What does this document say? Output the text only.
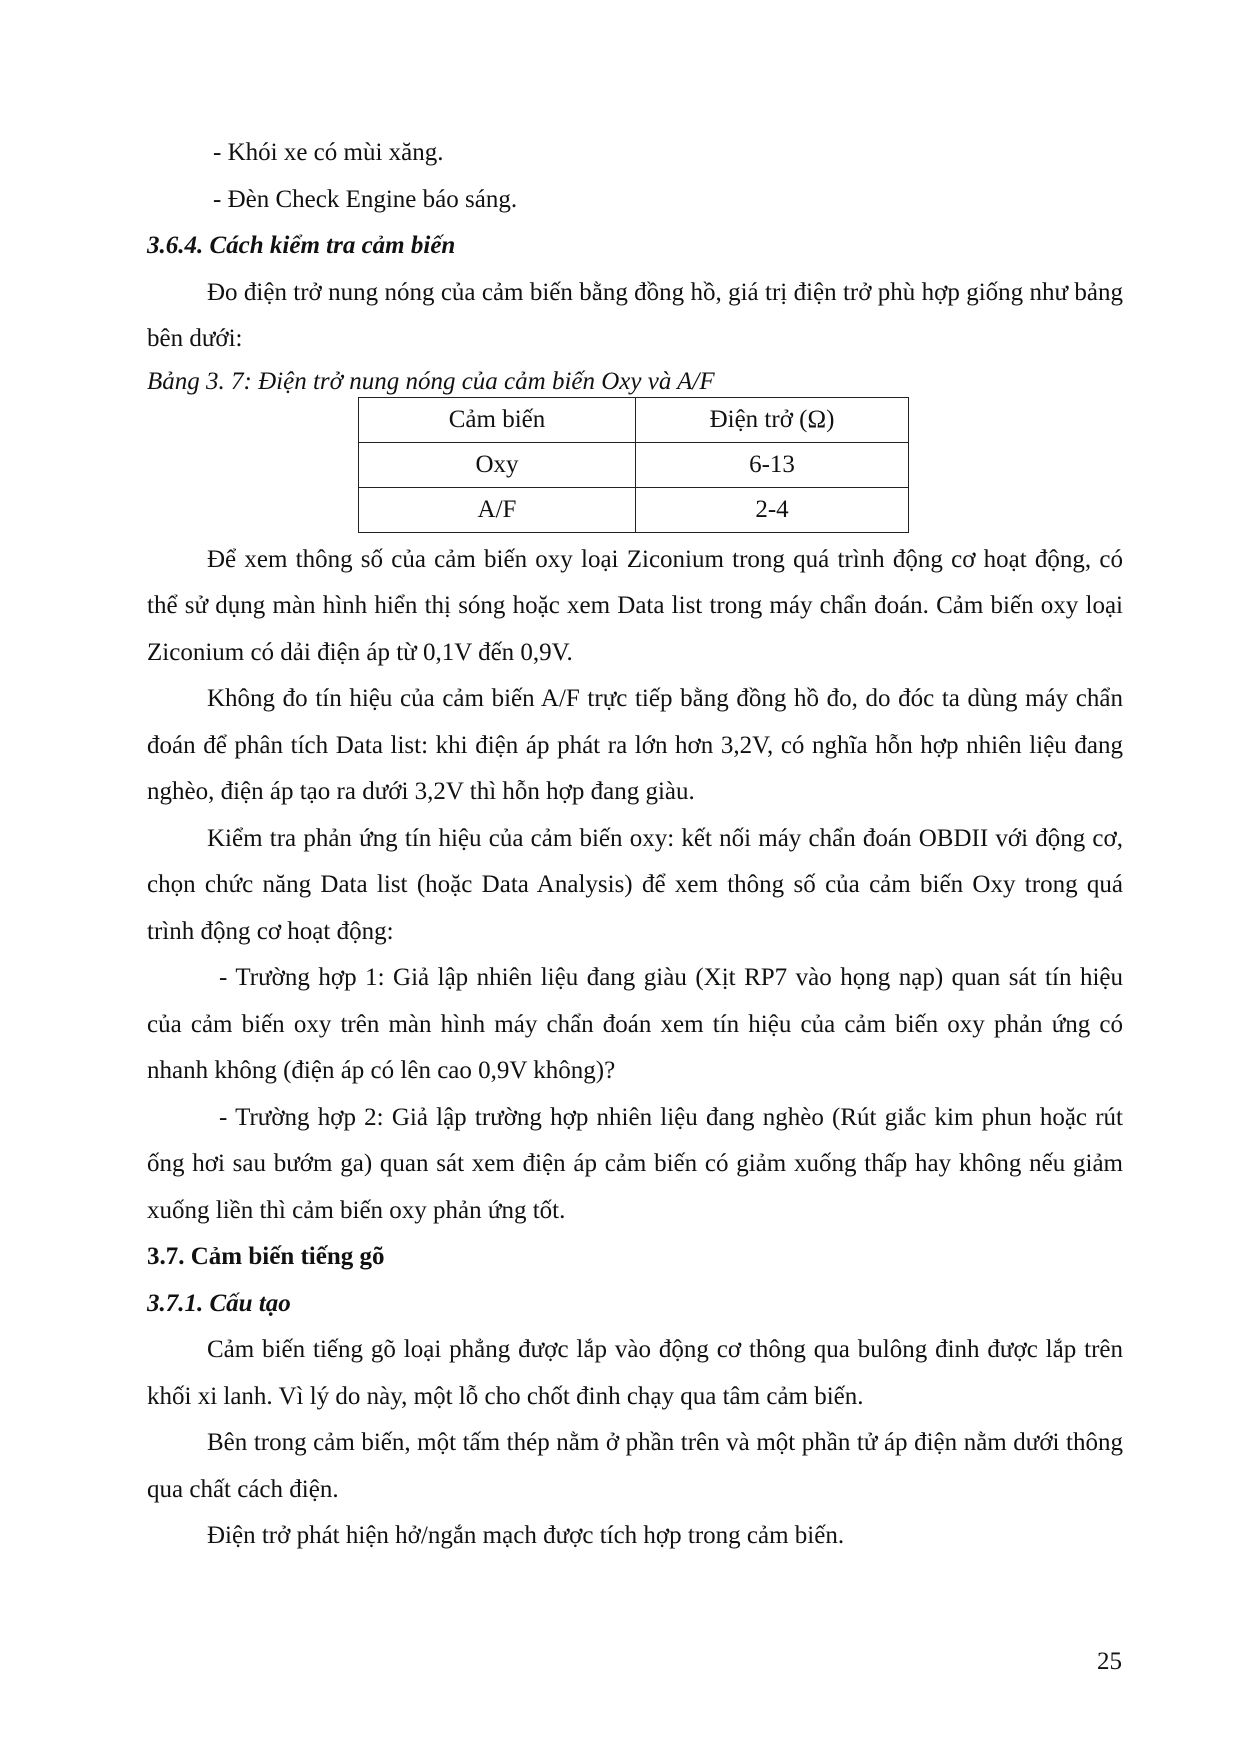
- Khói xe có mùi xăng.

- Đèn Check Engine báo sáng.

3.6.4. Cách kiểm tra cảm biến

Đo điện trở nung nóng của cảm biến bằng đồng hồ, giá trị điện trở phù hợp giống như bảng bên dưới:

Bảng 3. 7: Điện trở nung nóng của cảm biến Oxy và A/F

Cảm biến	Điện trở (Ω)
Oxy	6-13
A/F	2-4

Để xem thông số của cảm biến oxy loại Ziconium trong quá trình động cơ hoạt động, có thể sử dụng màn hình hiển thị sóng hoặc xem Data list trong máy chẩn đoán. Cảm biến oxy loại Ziconium có dải điện áp từ 0,1V đến 0,9V.

Không đo tín hiệu của cảm biến A/F trực tiếp bằng đồng hồ đo, do đóc ta dùng máy chẩn đoán để phân tích Data list: khi điện áp phát ra lớn hơn 3,2V, có nghĩa hỗn hợp nhiên liệu đang nghèo, điện áp tạo ra dưới 3,2V thì hỗn hợp đang giàu.

Kiểm tra phản ứng tín hiệu của cảm biến oxy: kết nối máy chẩn đoán OBDII với động cơ, chọn chức năng Data list (hoặc Data Analysis) để xem thông số của cảm biến Oxy trong quá trình động cơ hoạt động:

- Trường hợp 1: Giả lập nhiên liệu đang giàu (Xịt RP7 vào họng nạp) quan sát tín hiệu của cảm biến oxy trên màn hình máy chẩn đoán xem tín hiệu của cảm biến oxy phản ứng có nhanh không (điện áp có lên cao 0,9V không)?

- Trường hợp 2: Giả lập trường hợp nhiên liệu đang nghèo (Rút giắc kim phun hoặc rút ống hơi sau bướm ga) quan sát xem điện áp cảm biến có giảm xuống thấp hay không nếu giảm xuống liền thì cảm biến oxy phản ứng tốt.

3.7. Cảm biến tiếng gõ

3.7.1. Cấu tạo

Cảm biến tiếng gõ loại phẳng được lắp vào động cơ thông qua bulông đinh được lắp trên khối xi lanh. Vì lý do này, một lỗ cho chốt đinh chạy qua tâm cảm biến.

Bên trong cảm biến, một tấm thép nằm ở phần trên và một phần tử áp điện nằm dưới thông qua chất cách điện.

Điện trở phát hiện hở/ngắn mạch được tích hợp trong cảm biến.

25
